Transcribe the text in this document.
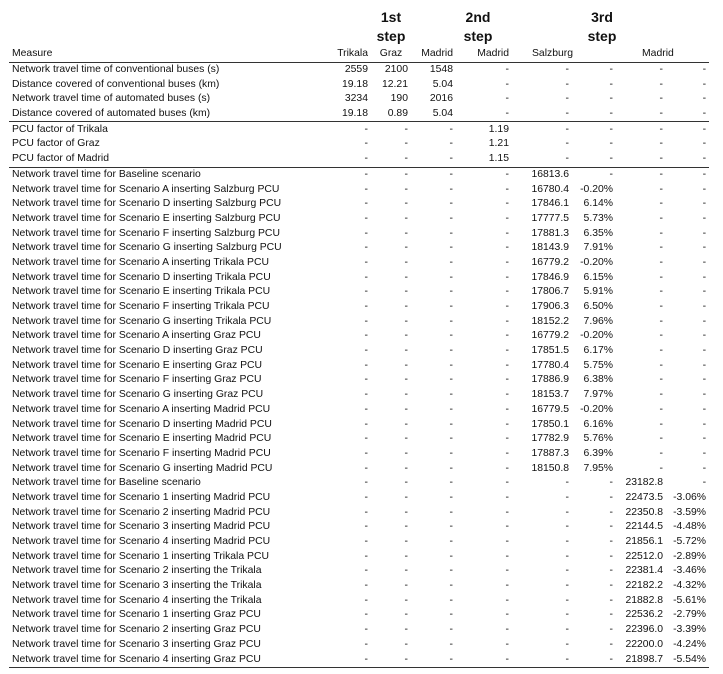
1st
step
2nd
step
3rd
step
Measure	Trikala	Graz	Madrid	Madrid	Salzburg		Madrid	
Network travel time of conventional buses (s)	2559	2100	1548	-	-	-	-	-
Distance covered of conventional buses (km)	19.18	12.21	5.04	-	-	-	-	-
Network travel time of automated buses (s)	3234	190	2016	-	-	-	-	-
Distance covered of automated buses (km)	19.18	0.89	5.04	-	-	-	-	-
PCU factor of Trikala	-	-	-	1.19	-	-	-	-
PCU factor of Graz	-	-	-	1.21	-	-	-	-
PCU factor of Madrid	-	-	-	1.15	-	-	-	-
Network travel time for Baseline scenario	-	-	-	-	16813.6	-	-	-
Network travel time for Scenario A inserting Salzburg PCU	-	-	-	-	16780.4	-0.20%	-	-
Network travel time for Scenario D inserting Salzburg PCU	-	-	-	-	17846.1	6.14%	-	-
Network travel time for Scenario E inserting Salzburg PCU	-	-	-	-	17777.5	5.73%	-	-
Network travel time for Scenario F inserting Salzburg PCU	-	-	-	-	17881.3	6.35%	-	-
Network travel time for Scenario G inserting Salzburg PCU	-	-	-	-	18143.9	7.91%	-	-
Network travel time for Scenario A inserting Trikala PCU	-	-	-	-	16779.2	-0.20%	-	-
Network travel time for Scenario D inserting Trikala PCU	-	-	-	-	17846.9	6.15%	-	-
Network travel time for Scenario E inserting Trikala PCU	-	-	-	-	17806.7	5.91%	-	-
Network travel time for Scenario F inserting Trikala PCU	-	-	-	-	17906.3	6.50%	-	-
Network travel time for Scenario G inserting Trikala PCU	-	-	-	-	18152.2	7.96%	-	-
Network travel time for Scenario A inserting Graz PCU	-	-	-	-	16779.2	-0.20%	-	-
Network travel time for Scenario D inserting Graz PCU	-	-	-	-	17851.5	6.17%	-	-
Network travel time for Scenario E inserting Graz PCU	-	-	-	-	17780.4	5.75%	-	-
Network travel time for Scenario F inserting Graz PCU	-	-	-	-	17886.9	6.38%	-	-
Network travel time for Scenario G inserting Graz PCU	-	-	-	-	18153.7	7.97%	-	-
Network travel time for Scenario A inserting Madrid PCU	-	-	-	-	16779.5	-0.20%	-	-
Network travel time for Scenario D inserting Madrid PCU	-	-	-	-	17850.1	6.16%	-	-
Network travel time for Scenario E inserting Madrid PCU	-	-	-	-	17782.9	5.76%	-	-
Network travel time for Scenario F inserting Madrid PCU	-	-	-	-	17887.3	6.39%	-	-
Network travel time for Scenario G inserting Madrid PCU	-	-	-	-	18150.8	7.95%	-	-
Network travel time for Baseline scenario	-	-	-	-	-	-	23182.8	-
Network travel time for Scenario 1 inserting Madrid PCU	-	-	-	-	-	-	22473.5	-3.06%
Network travel time for Scenario 2 inserting Madrid PCU	-	-	-	-	-	-	22350.8	-3.59%
Network travel time for Scenario 3 inserting Madrid PCU	-	-	-	-	-	-	22144.5	-4.48%
Network travel time for Scenario 4 inserting Madrid PCU	-	-	-	-	-	-	21856.1	-5.72%
Network travel time for Scenario 1 inserting Trikala PCU	-	-	-	-	-	-	22512.0	-2.89%
Network travel time for Scenario 2 inserting the Trikala	-	-	-	-	-	-	22381.4	-3.46%
Network travel time for Scenario 3 inserting the Trikala	-	-	-	-	-	-	22182.2	-4.32%
Network travel time for Scenario 4 inserting the Trikala	-	-	-	-	-	-	21882.8	-5.61%
Network travel time for Scenario 1 inserting Graz PCU	-	-	-	-	-	-	22536.2	-2.79%
Network travel time for Scenario 2 inserting Graz PCU	-	-	-	-	-	-	22396.0	-3.39%
Network travel time for Scenario 3 inserting Graz PCU	-	-	-	-	-	-	22200.0	-4.24%
Network travel time for Scenario 4 inserting Graz PCU	-	-	-	-	-	-	21898.7	-5.54%
